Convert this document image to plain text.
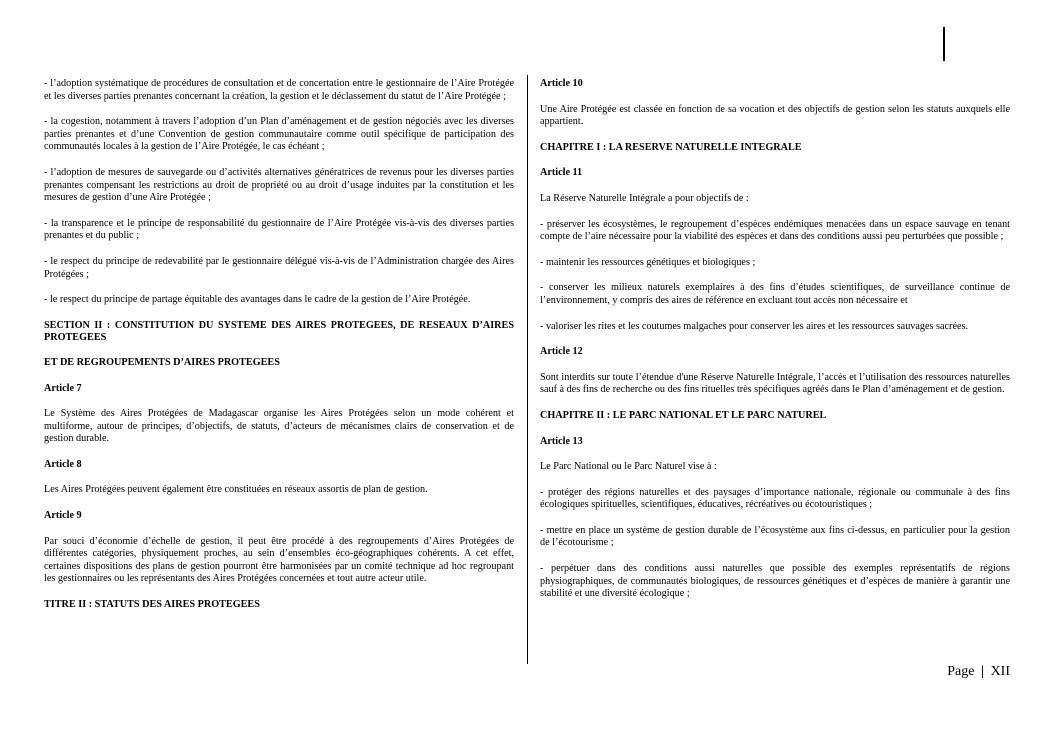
- l’adoption systématique de procédures de consultation et de concertation entre le gestionnaire de l’Aire Protégée et les diverses parties prenantes concernant la création, la gestion et le déclassement du statut de l’Aire Protégée ;

- la cogestion, notamment à travers l’adoption d’un Plan d’aménagement et de gestion négociés avec les diverses parties prenantes et d’une Convention de gestion communautaire comme outil spécifique de participation des communautés locales à la gestion de l’Aire Protégée, le cas échéant ;

- l’adoption de mesures de sauvegarde ou d’activités alternatives génératrices de revenus pour les diverses parties prenantes compensant les restrictions au droit de propriété ou au droit d’usage induites par la constitution et les mesures de gestion d’une Aire Protégée ;

- la transparence et le principe de responsabilité du gestionnaire de l’Aire Protégée vis-à-vis des diverses parties prenantes et du public ;

- le respect du principe de redevabilité par le gestionnaire délégué vis-à-vis de l’Administration chargée des Aires Protégées ;

- le respect du principe de partage équitable des avantages dans le cadre de la gestion de l’Aire Protégée.

SECTION II : CONSTITUTION DU SYSTEME DES AIRES PROTEGEES, DE RESEAUX D’AIRES PROTEGEES

ET DE REGROUPEMENTS D’AIRES PROTEGEES

Article 7

Le Système des Aires Protégées de Madagascar organise les Aires Protégées selon un mode cohérent et multiforme, autour de principes, d’objectifs, de statuts, d’acteurs de mécanismes clairs de conservation et de gestion durable.

Article 8

Les Aires Protégées peuvent également être constituées en réseaux assortis de plan de gestion.

Article 9

Par souci d’économie d’échelle de gestion, il peut être procédé à des regroupements d’Aires Protégées de différentes catégories, physiquement proches, au sein d’ensembles éco-géographiques cohérents. A cet effet, certaines dispositions des plans de gestion pourront être harmonisées par un comité technique ad hoc regroupant les gestionnaires ou les représentants des Aires Protégées concernées et tout autre acteur utile.

TITRE II : STATUTS DES AIRES PROTEGEES

Article 10

Une Aire Protégée est classée en fonction de sa vocation et des objectifs de gestion selon les statuts auxquels elle appartient.

CHAPITRE I : LA RESERVE NATURELLE INTEGRALE

Article 11

La Réserve Naturelle Intégrale a pour objectifs de :

- préserver les écosystèmes, le regroupement d’espèces endémiques menacées dans un espace sauvage en tenant compte de l’aire nécessaire pour la viabilité des espèces et dans des conditions aussi peu perturbées que possible ;

- maintenir les ressources génétiques et biologiques ;

- conserver les milieux naturels exemplaires à des fins d’études scientifiques, de surveillance continue de l’environnement, y compris des aires de référence en excluant tout accès non nécessaire et

- valoriser les rites et les coutumes malgaches pour conserver les aires et les ressources sauvages sacrées.

Article 12

Sont interdits sur toute l’étendue d'une Réserve Naturelle Intégrale, l’accès et l’utilisation des ressources naturelles sauf à des fins de recherche ou des fins rituelles très spécifiques agréés dans le Plan d’aménagement et de gestion.

CHAPITRE II : LE PARC NATIONAL ET LE PARC NATUREL

Article 13

Le Parc National ou le Parc Naturel vise à :

- protéger des régions naturelles et des paysages d’importance nationale, régionale ou communale à des fins écologiques spirituelles, scientifiques, éducatives, récréatives ou écotouristiques ;

- mettre en place un système de gestion durable de l’écosystème aux fins ci-dessus, en particulier pour la gestion de l’écotourisme ;

- perpétuer dans des conditions aussi naturelles que possible des exemples représentatifs de régions physiographiques, de communautés biologiques, de ressources génétiques et d’espèces de manière à garantir une stabilité et une diversité écologique ;

Page | XII
